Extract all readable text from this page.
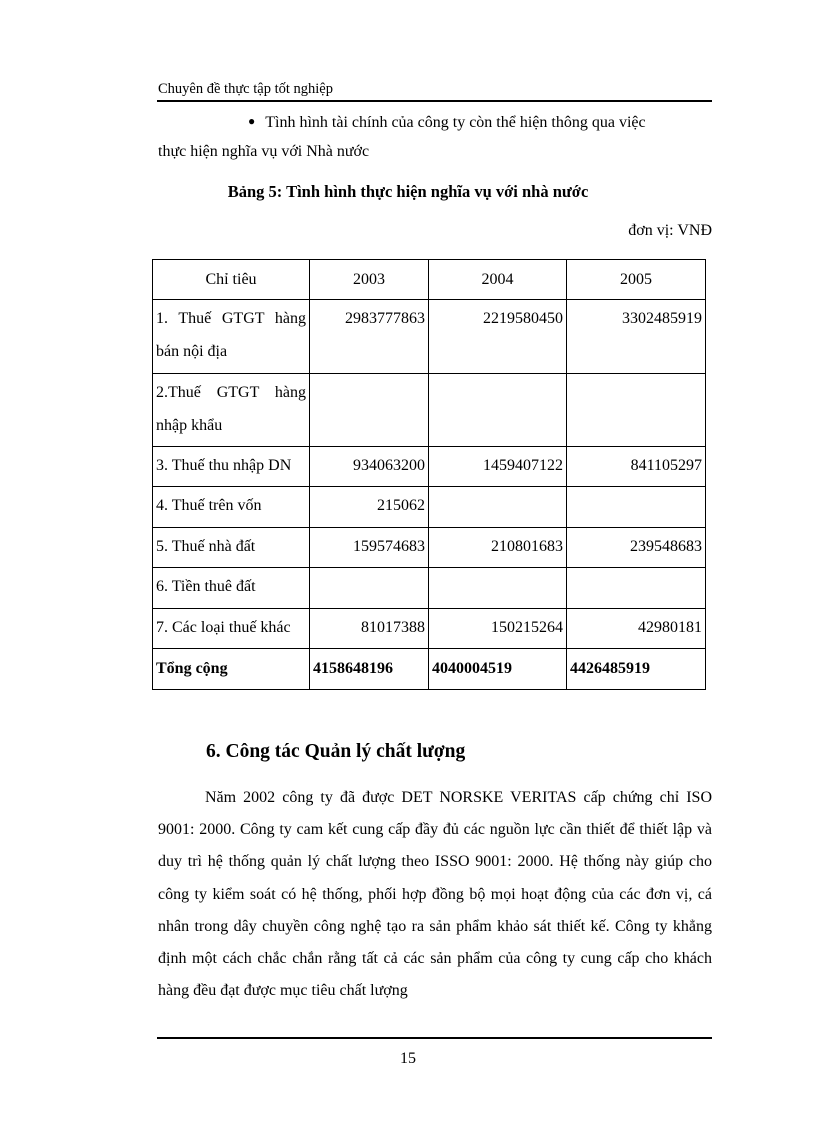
Chuyên đề thực tập tốt nghiệp
● Tình hình tài chính của công ty còn thể hiện thông qua việc
thực hiện nghĩa vụ với Nhà nước
Bảng 5: Tình hình thực hiện nghĩa vụ với nhà nước
đơn vị: VNĐ
Chỉ tiêu	2003	2004	2005
1. Thuế GTGT hàng bán nội địa	2983777863	2219580450	3302485919
2.Thuế GTGT hàng nhập khẩu			
3. Thuế thu nhập DN	934063200	1459407122	841105297
4. Thuế trên vốn	215062		
5. Thuế nhà đất	159574683	210801683	239548683
6. Tiền thuê đất			
7. Các loại thuế khác	81017388	150215264	42980181
Tổng cộng	4158648196	4040004519	4426485919
6. Công tác Quản lý chất lượng
Năm 2002 công ty đã được DET NORSKE VERITAS cấp chứng chỉ ISO 9001: 2000. Công ty cam kết cung cấp đầy đủ các nguồn lực cần thiết để thiết lập và duy trì hệ thống quản lý chất lượng theo ISSO 9001: 2000. Hệ thống này giúp cho công ty kiểm soát có hệ thống, phối hợp đồng bộ mọi hoạt động của các đơn vị, cá nhân trong dây chuyền công nghệ tạo ra sản phẩm khảo sát thiết kế. Công ty khẳng định một cách chắc chắn rằng tất cả các sản phẩm của công ty cung cấp cho khách hàng đều đạt được mục tiêu chất lượng
15
